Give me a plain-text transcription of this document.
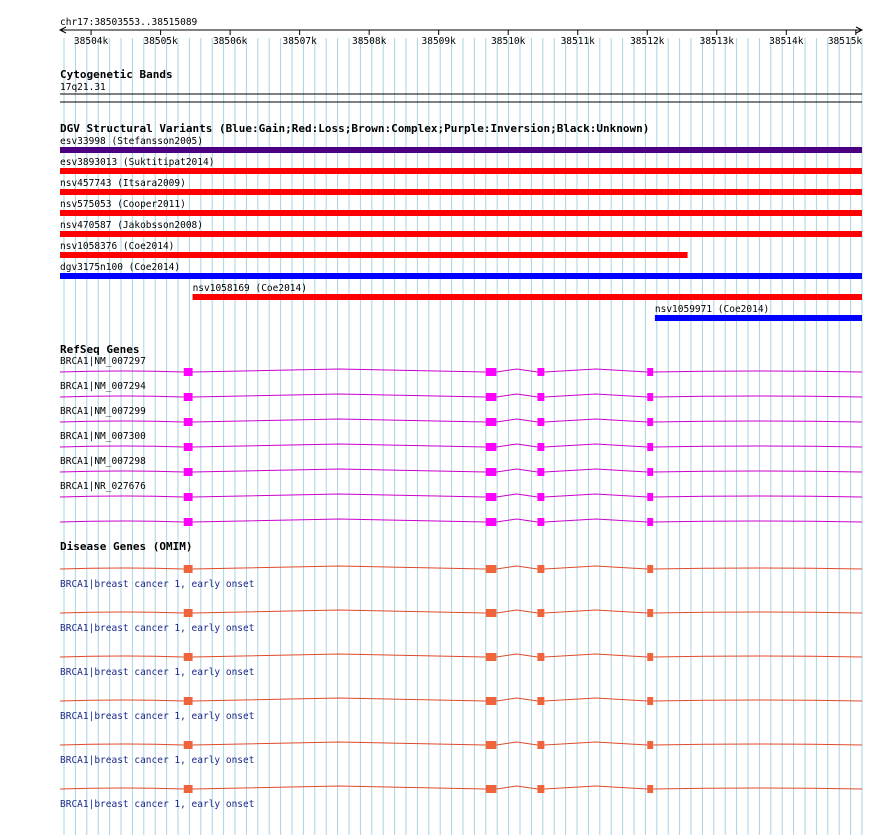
chr17:38503553..38515089
38504k	38505k	38506k	38507k	38508k	38509k	38510k	38511k	38512k	38513k	38514k	38515k
Cytogenetic Bands
17q21.31
DGV Structural Variants (Blue:Gain;Red:Loss;Brown:Complex;Purple:Inversion;Black:Unknown)
esv33998 (Stefansson2005)
esv3893013 (Suktitipat2014)
nsv457743 (Itsara2009)
nsv575053 (Cooper2011)
nsv470587 (Jakobsson2008)
nsv1058376 (Coe2014)
dgv3175n100 (Coe2014)
nsv1058169 (Coe2014)
nsv1059971 (Coe2014)
RefSeq Genes
BRCA1|NM_007297
BRCA1|NM_007294
BRCA1|NM_007299
BRCA1|NM_007300
BRCA1|NM_007298
BRCA1|NR_027676
Disease Genes (OMIM)
BRCA1|breast cancer 1, early onset
BRCA1|breast cancer 1, early onset
BRCA1|breast cancer 1, early onset
BRCA1|breast cancer 1, early onset
BRCA1|breast cancer 1, early onset
BRCA1|breast cancer 1, early onset
